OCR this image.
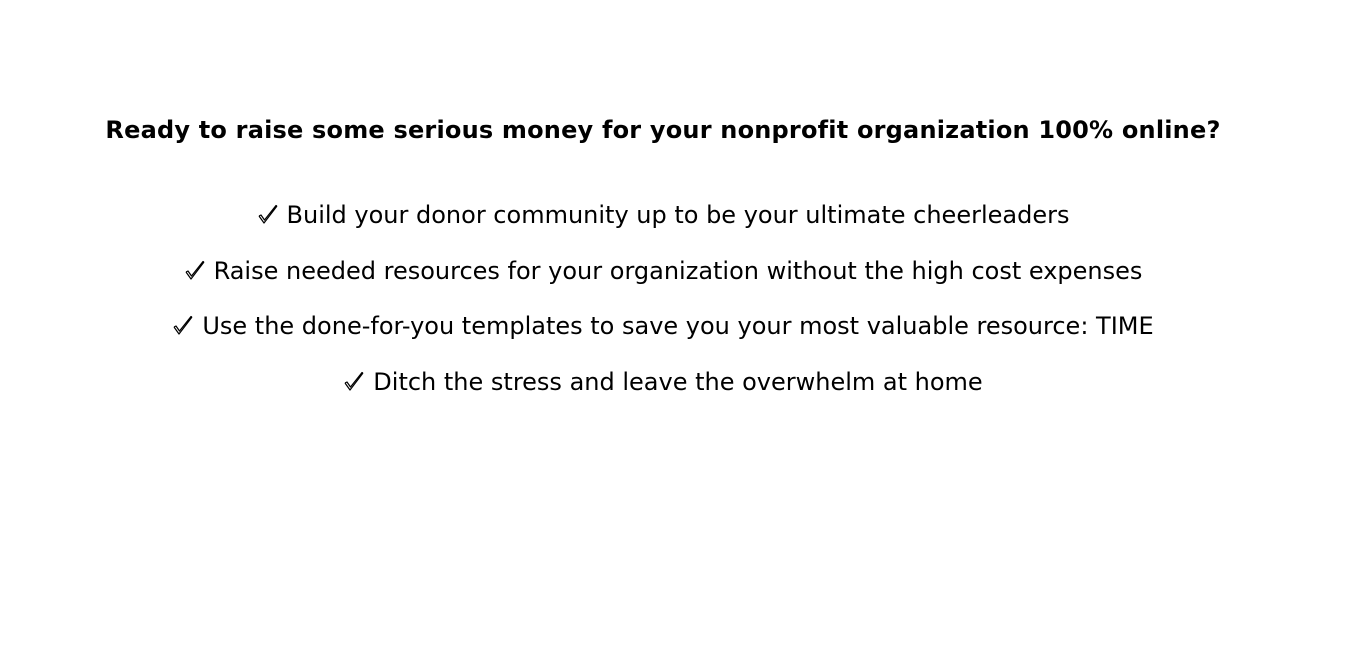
Ready to raise some serious money for your nonprofit organization 100% online?
Build your donor community up to be your ultimate cheerleaders
Raise needed resources for your organization without the high cost expenses
Use the done-for-you templates to save you your most valuable resource: TIME
Ditch the stress and leave the overwhelm at home
